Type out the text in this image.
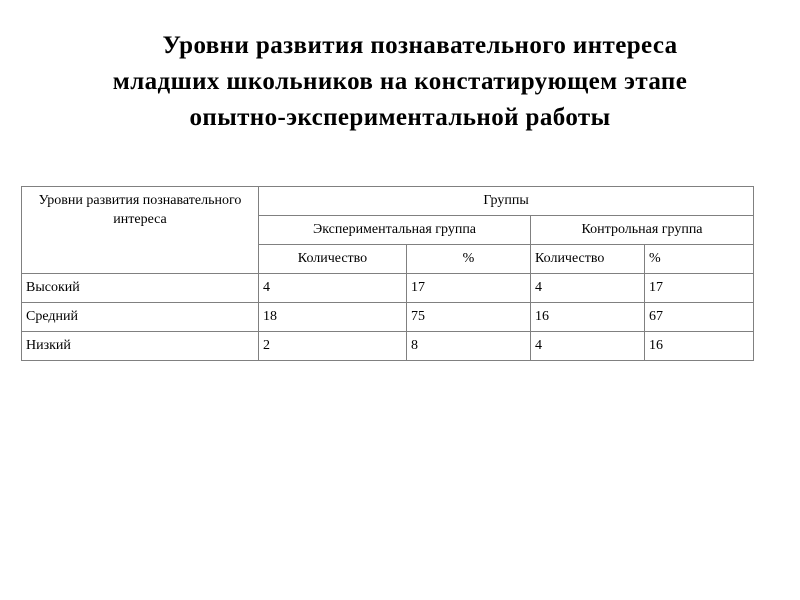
Уровни развития познавательного интереса
младших школьников на констатирующем этапе
опытно-экспериментальной работы
Уровни развития познавательного интереса	Группы			
	Экспериментальная группа		Контрольная группа	
	Количество	%	Количество	%
Высокий	4	17	4	17
Средний	18	75	16	67
Низкий	2	8	4	16
